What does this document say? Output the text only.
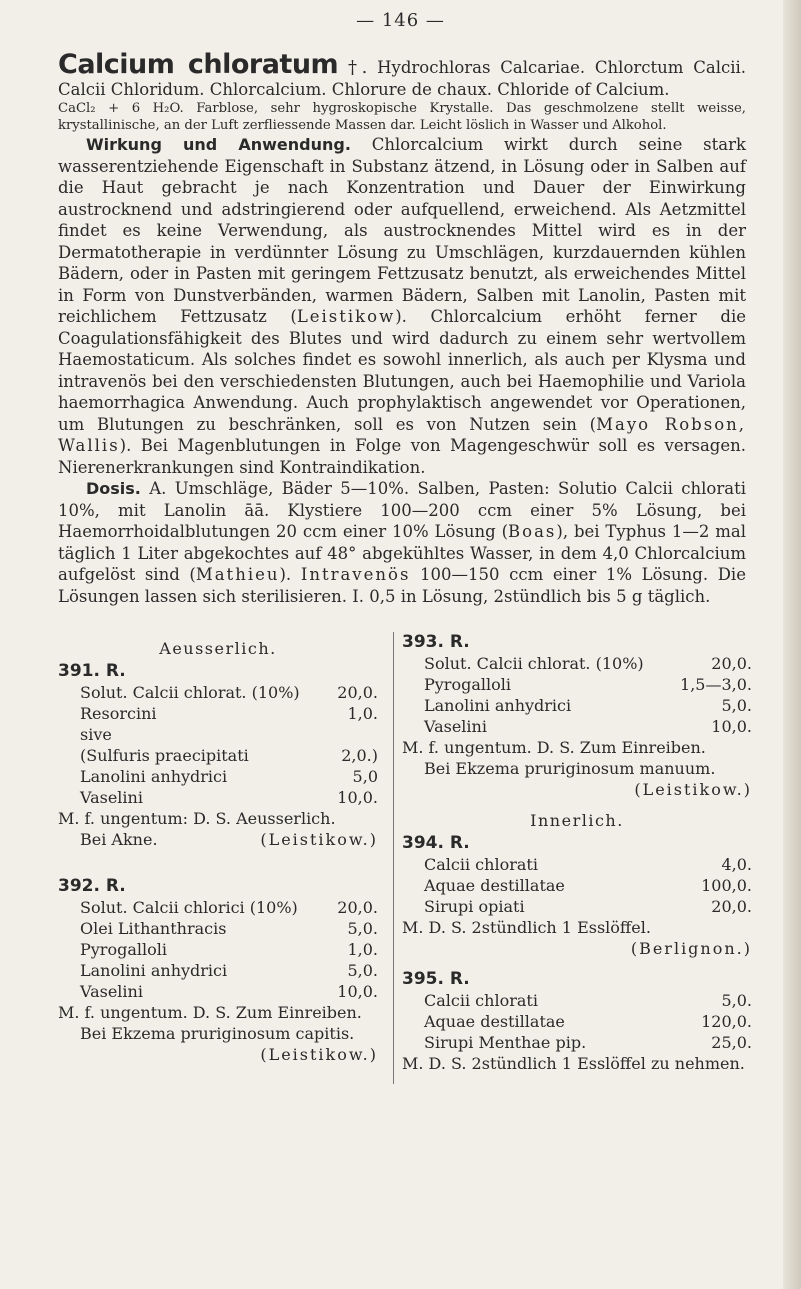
— 146 —

Calcium chloratum †. Hydrochloras Calcariae. Chlorctum Calcii. Calcii Chloridum. Chlorcalcium. Chlorure de chaux. Chloride of Calcium.

CaCl₂ + 6 H₂O. Farblose, sehr hygroskopische Krystalle. Das geschmolzene stellt weisse, krystallinische, an der Luft zerfliessende Massen dar. Leicht löslich in Wasser und Alkohol.

Wirkung und Anwendung. Chlorcalcium wirkt durch seine stark wasserentziehende Eigenschaft in Substanz ätzend, in Lösung oder in Salben auf die Haut gebracht je nach Konzentration und Dauer der Einwirkung austrocknend und adstringierend oder aufquellend, erweichend. Als Aetzmittel findet es keine Verwendung, als austrocknendes Mittel wird es in der Dermatotherapie in verdünnter Lösung zu Umschlägen, kurzdauernden kühlen Bädern, oder in Pasten mit geringem Fettzusatz benutzt, als erweichendes Mittel in Form von Dunstverbänden, warmen Bädern, Salben mit Lanolin, Pasten mit reichlichem Fettzusatz (Leistikow). Chlorcalcium erhöht ferner die Coagulationsfähigkeit des Blutes und wird dadurch zu einem sehr wertvollem Haemostaticum. Als solches findet es sowohl innerlich, als auch per Klysma und intravenös bei den verschiedensten Blutungen, auch bei Haemophilie und Variola haemorrhagica Anwendung. Auch prophylaktisch angewendet vor Operationen, um Blutungen zu beschränken, soll es von Nutzen sein (Mayo Robson, Wallis). Bei Magenblutungen in Folge von Magengeschwür soll es versagen. Nierenerkrankungen sind Kontraindikation.

Dosis. A. Umschläge, Bäder 5—10%. Salben, Pasten: Solutio Calcii chlorati 10%, mit Lanolin āā. Klystiere 100—200 ccm einer 5% Lösung, bei Haemorrhoidalblutungen 20 ccm einer 10% Lösung (Boas), bei Typhus 1—2 mal täglich 1 Liter abgekochtes auf 48° abgekühltes Wasser, in dem 4,0 Chlorcalcium aufgelöst sind (Mathieu). Intravenös 100—150 ccm einer 1% Lösung. Die Lösungen lassen sich sterilisieren. I. 0,5 in Lösung, 2stündlich bis 5 g täglich.

Aeusserlich.
391. R.
Solut. Calcii chlorat. (10%) 20,0.
Resorcini	1,0.
sive
(Sulfuris praecipitati	2,0.)
Lanolini anhydrici	5,0
Vaselini	10,0.
M. f. ungentum: D. S. Aeusserlich.
Bei Akne.	(Leistikow.)
392. R.
Solut. Calcii chlorici (10%) 20,0.
Olei Lithanthracis	5,0.
Pyrogalloli	1,0.
Lanolini anhydrici	5,0.
Vaselini	10,0.
M. f. ungentum. D. S. Zum Einreiben.
Bei Ekzema pruriginosum capitis.
(Leistikow.)
393. R.
Solut. Calcii chlorat. (10%)	20,0.
Pyrogalloli	1,5—3,0.
Lanolini anhydrici	5,0.
Vaselini	10,0.
M. f. ungentum. D. S. Zum Einreiben.
Bei Ekzema pruriginosum manuum.
(Leistikow.)
Innerlich.
394. R.
Calcii chlorati	4,0.
Aquae destillatae	100,0.
Sirupi opiati	20,0.
M. D. S. 2stündlich 1 Esslöffel.
(Berlignon.)
395. R.
Calcii chlorati	5,0.
Aquae destillatae	120,0.
Sirupi Menthae pip.	25,0.
M. D. S. 2stündlich 1 Esslöffel zu nehmen.
